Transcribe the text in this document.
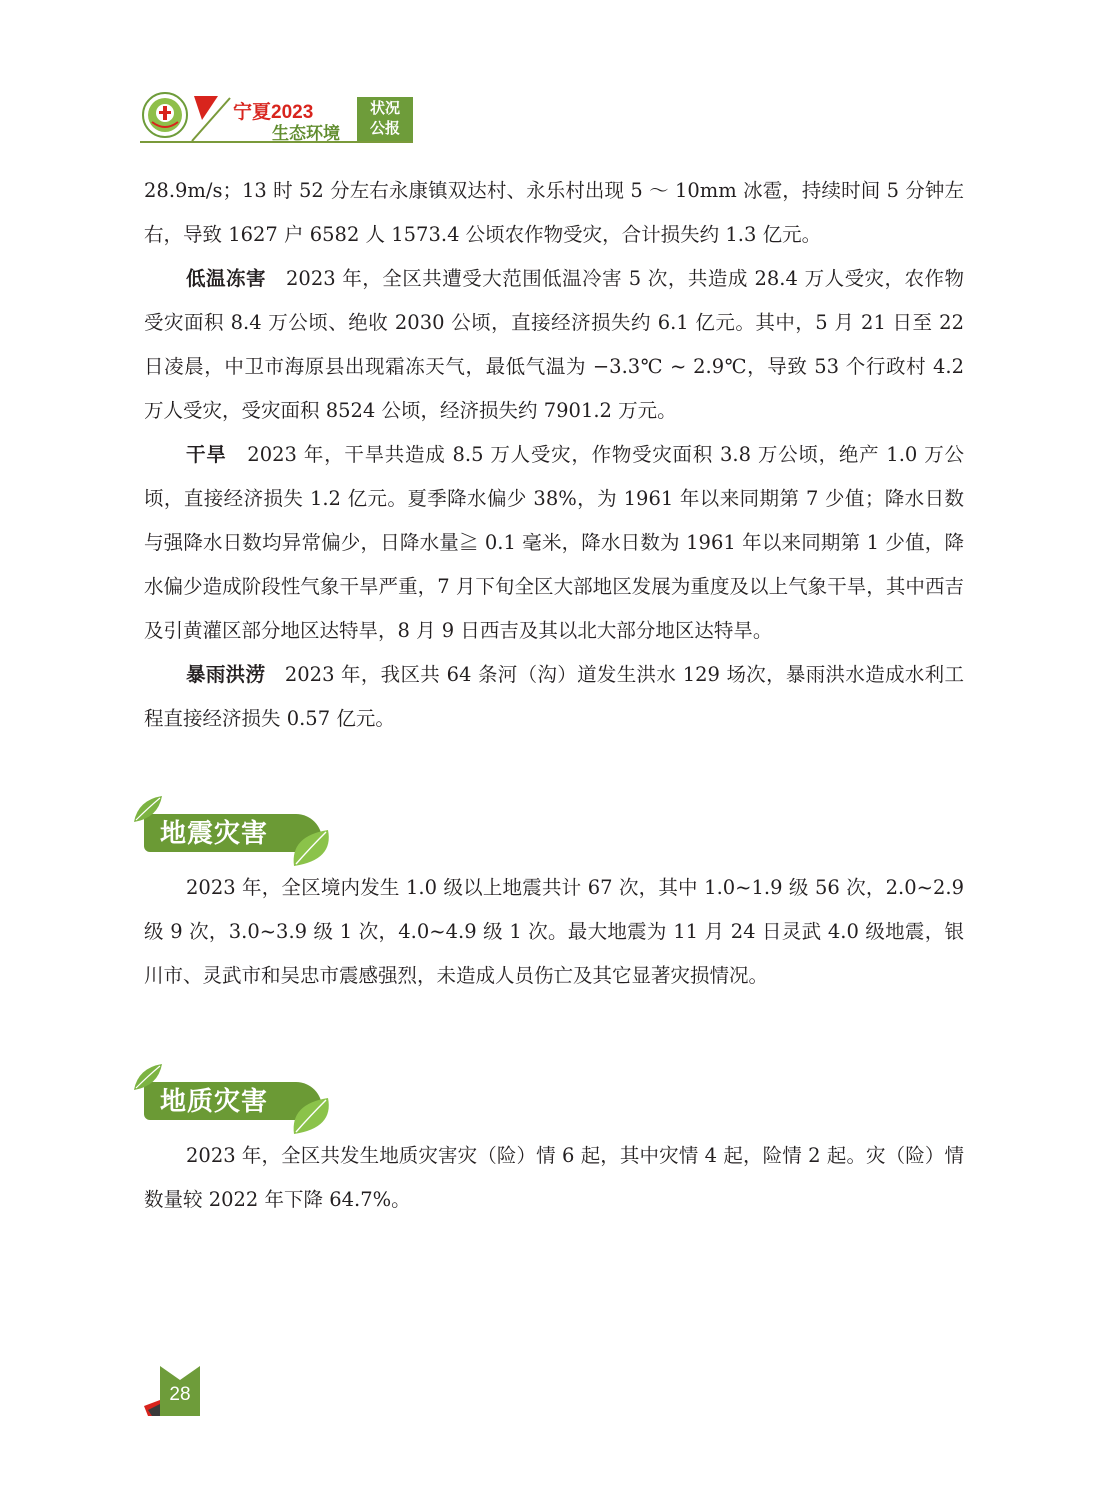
宁夏2023
生态环境
状况
公报

28.9m/s；13 时 52 分左右永康镇双达村、永乐村出现 5 ～ 10mm 冰雹，持续时间 5 分钟左右，导致 1627 户 6582 人 1573.4 公顷农作物受灾，合计损失约 1.3 亿元。

低温冻害 2023 年，全区共遭受大范围低温冷害 5 次，共造成 28.4 万人受灾，农作物受灾面积 8.4 万公顷、绝收 2030 公顷，直接经济损失约 6.1 亿元。其中，5 月 21 日至 22 日凌晨，中卫市海原县出现霜冻天气，最低气温为 −3.3℃ ~ 2.9℃，导致 53 个行政村 4.2 万人受灾，受灾面积 8524 公顷，经济损失约 7901.2 万元。

干旱 2023 年，干旱共造成 8.5 万人受灾，作物受灾面积 3.8 万公顷，绝产 1.0 万公顷，直接经济损失 1.2 亿元。夏季降水偏少 38%，为 1961 年以来同期第 7 少值；降水日数与强降水日数均异常偏少，日降水量≧ 0.1 毫米，降水日数为 1961 年以来同期第 1 少值，降水偏少造成阶段性气象干旱严重，7 月下旬全区大部地区发展为重度及以上气象干旱，其中西吉及引黄灌区部分地区达特旱，8 月 9 日西吉及其以北大部分地区达特旱。

暴雨洪涝 2023 年，我区共 64 条河（沟）道发生洪水 129 场次，暴雨洪水造成水利工程直接经济损失 0.57 亿元。

地震灾害

2023 年，全区境内发生 1.0 级以上地震共计 67 次，其中 1.0~1.9 级 56 次，2.0~2.9 级 9 次，3.0~3.9 级 1 次，4.0~4.9 级 1 次。最大地震为 11 月 24 日灵武 4.0 级地震，银川市、灵武市和吴忠市震感强烈，未造成人员伤亡及其它显著灾损情况。

地质灾害

2023 年，全区共发生地质灾害灾（险）情 6 起，其中灾情 4 起，险情 2 起。灾（险）情数量较 2022 年下降 64.7%。

28
